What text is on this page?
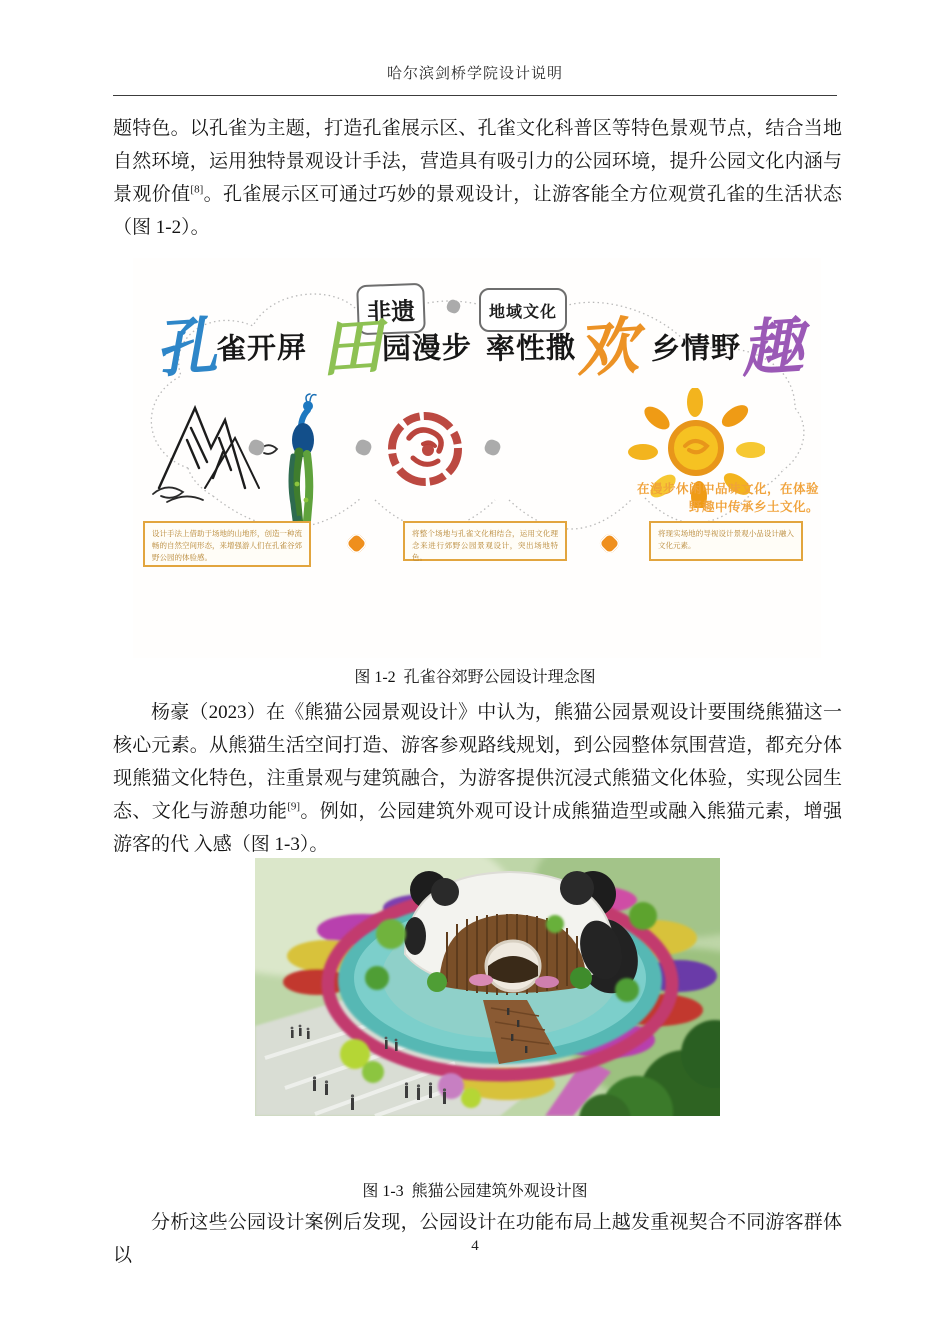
哈尔滨剑桥学院设计说明
题特色。以孔雀为主题，打造孔雀展示区、孔雀文化科普区等特色景观节点，结合当地自然环境，运用独特景观设计手法，营造具有吸引力的公园环境，提升公园文化内涵与景观价值[8]。孔雀展示区可通过巧妙的景观设计，让游客能全方位观赏孔雀的生活状态（图 1-2）。
非遗	地域文化
孔
雀开屏 田
园漫步 率性撒
欢 乡情野
趣
设计手法上借助于场地的山地形，创造一种流畅的自然空间形态，来增强游人们在孔雀谷郊野公园的体验感。
将整个场地与孔雀文化相结合，运用文化理念来进行郊野公园景观设计，突出场地特色。
将现实场地的导视设计景观小品设计融入文化元素。
在漫步休闲中品味文化，在体验野趣中传承乡土文化。
图 1-2  孔雀谷郊野公园设计理念图
杨豪（2023）在《熊猫公园景观设计》中认为，熊猫公园景观设计要围绕熊猫这一核心元素。从熊猫生活空间打造、游客参观路线规划，到公园整体氛围营造，都充分体现熊猫文化特色，注重景观与建筑融合，为游客提供沉浸式熊猫文化体验，实现公园生态、文化与游憩功能[9]。例如，公园建筑外观可设计成熊猫造型或融入熊猫元素，增强游客的代 入感（图 1-3）。
图 1-3  熊猫公园建筑外观设计图
分析这些公园设计案例后发现，公园设计在功能布局上越发重视契合不同游客群体以	4
